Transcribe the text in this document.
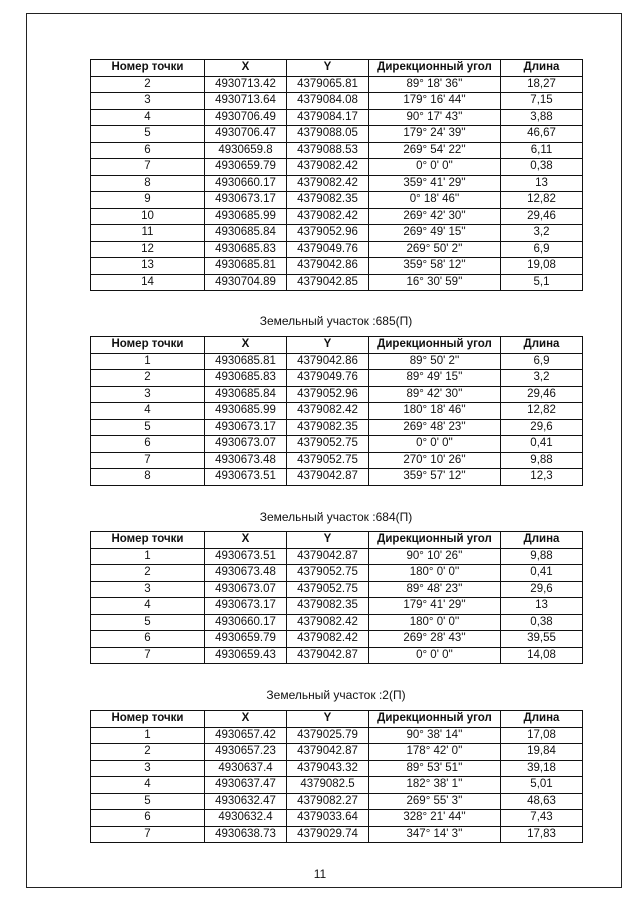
Номер точки	X	Y	Дирекционный угол	Длина
2	4930713.42	4379065.81	89° 18' 36''	18,27
3	4930713.64	4379084.08	179° 16' 44''	7,15
4	4930706.49	4379084.17	90° 17' 43''	3,88
5	4930706.47	4379088.05	179° 24' 39''	46,67
6	4930659.8	4379088.53	269° 54' 22''	6,11
7	4930659.79	4379082.42	0° 0' 0''	0,38
8	4930660.17	4379082.42	359° 41' 29''	13
9	4930673.17	4379082.35	0° 18' 46''	12,82
10	4930685.99	4379082.42	269° 42' 30''	29,46
11	4930685.84	4379052.96	269° 49' 15''	3,2
12	4930685.83	4379049.76	269° 50' 2''	6,9
13	4930685.81	4379042.86	359° 58' 12''	19,08
14	4930704.89	4379042.85	16° 30' 59''	5,1
Земельный участок :685(П)
Номер точки	X	Y	Дирекционный угол	Длина
1	4930685.81	4379042.86	89° 50' 2''	6,9
2	4930685.83	4379049.76	89° 49' 15''	3,2
3	4930685.84	4379052.96	89° 42' 30''	29,46
4	4930685.99	4379082.42	180° 18' 46''	12,82
5	4930673.17	4379082.35	269° 48' 23''	29,6
6	4930673.07	4379052.75	0° 0' 0''	0,41
7	4930673.48	4379052.75	270° 10' 26''	9,88
8	4930673.51	4379042.87	359° 57' 12''	12,3
Земельный участок :684(П)
Номер точки	X	Y	Дирекционный угол	Длина
1	4930673.51	4379042.87	90° 10' 26''	9,88
2	4930673.48	4379052.75	180° 0' 0''	0,41
3	4930673.07	4379052.75	89° 48' 23''	29,6
4	4930673.17	4379082.35	179° 41' 29''	13
5	4930660.17	4379082.42	180° 0' 0''	0,38
6	4930659.79	4379082.42	269° 28' 43''	39,55
7	4930659.43	4379042.87	0° 0' 0''	14,08
Земельный участок :2(П)
Номер точки	X	Y	Дирекционный угол	Длина
1	4930657.42	4379025.79	90° 38' 14''	17,08
2	4930657.23	4379042.87	178° 42' 0''	19,84
3	4930637.4	4379043.32	89° 53' 51''	39,18
4	4930637.47	4379082.5	182° 38' 1''	5,01
5	4930632.47	4379082.27	269° 55' 3''	48,63
6	4930632.4	4379033.64	328° 21' 44''	7,43
7	4930638.73	4379029.74	347° 14' 3''	17,83
11
